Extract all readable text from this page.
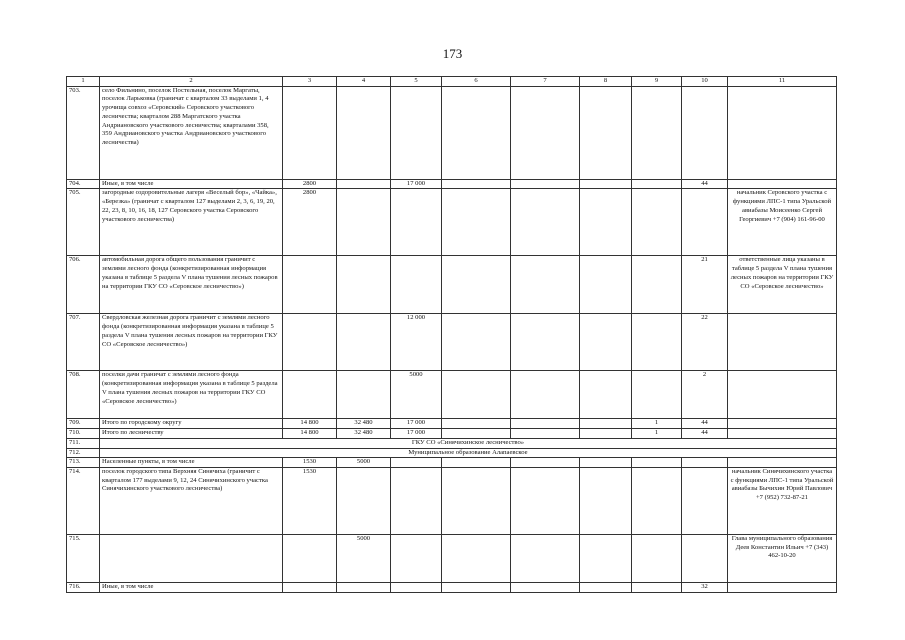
173
1	2	3	4	5	6	7	8	9	10	11
703.	село Фильнино, поселок Постельная, поселок Маргаты, поселок Ларьковка (граничат с кварталом 33 выделами 1, 4 урочища совхоз «Серовский» Серовского участкового лесничества; кварталом 288 Маргатского участка Андриановского участкового лесничества; кварталами 358, 359 Андриановского участка Андриановского участкового лесничества)									
704.	Иные, в том числе	2800		17 000					44	
705.	загородные оздоровительные лагеря «Веселый бор», «Чайка», «Березка» (граничат с кварталом 127 выделами 2, 3, 6, 19, 20, 22, 23, 8, 10, 16, 18, 127 Серовского участка Серовского участкового лесничества)	2800								начальник Серовского участка с функциями ЛПС-1 типа Уральской авиабазы Моисеенко Сергей Георгиевич +7 (904) 161-96-00
706.	автомобильная дорога общего пользования граничит с землями лесного фонда (конкретизированная информация указана в таблице 5 раздела V плана тушения лесных пожаров на территории ГКУ СО «Серовское лесничество»)								21	ответственные лица указаны в таблице 5 раздела V плана тушения лесных пожаров на территории ГКУ СО «Серовское лесничество»
707.	Свердловская железная дорога граничит с землями лесного фонда (конкретизированная информация указана в таблице 5 раздела V плана тушения лесных пожаров на территории ГКУ СО «Серовское лесничество»)			12 000					22	
708.	поселки дачи граничат с землями лесного фонда (конкретизированная информация указана в таблице 5 раздела V плана тушения лесных пожаров на территории ГКУ СО «Серовское лесничество»)			5000					2	
709.	Итого по городскому округу	14 800	32 480	17 000				1	44	
710.	Итого по лесничеству	14 800	32 480	17 000				1	44	
711.	ГКУ СО «Синячихинское лесничество»									
712.	Муниципальное образование Алапаевское									
713.	Населенные пункты, в том числе	1530	5000							
714.	поселок городского типа Верхняя Синячиха (граничит с кварталом 177 выделами 9, 12, 24 Синячихинского участка Синячихинского участкового лесничества)	1530								начальник Синячихинского участка с функциями ЛПС-1 типа Уральской авиабазы Бычихин Юрий Павлович +7 (952) 732-87-21
715.			5000							Глава муниципального образования Деев Константин Ильич +7 (343) 462-10-20
716.	Иные, в том числе								32	
